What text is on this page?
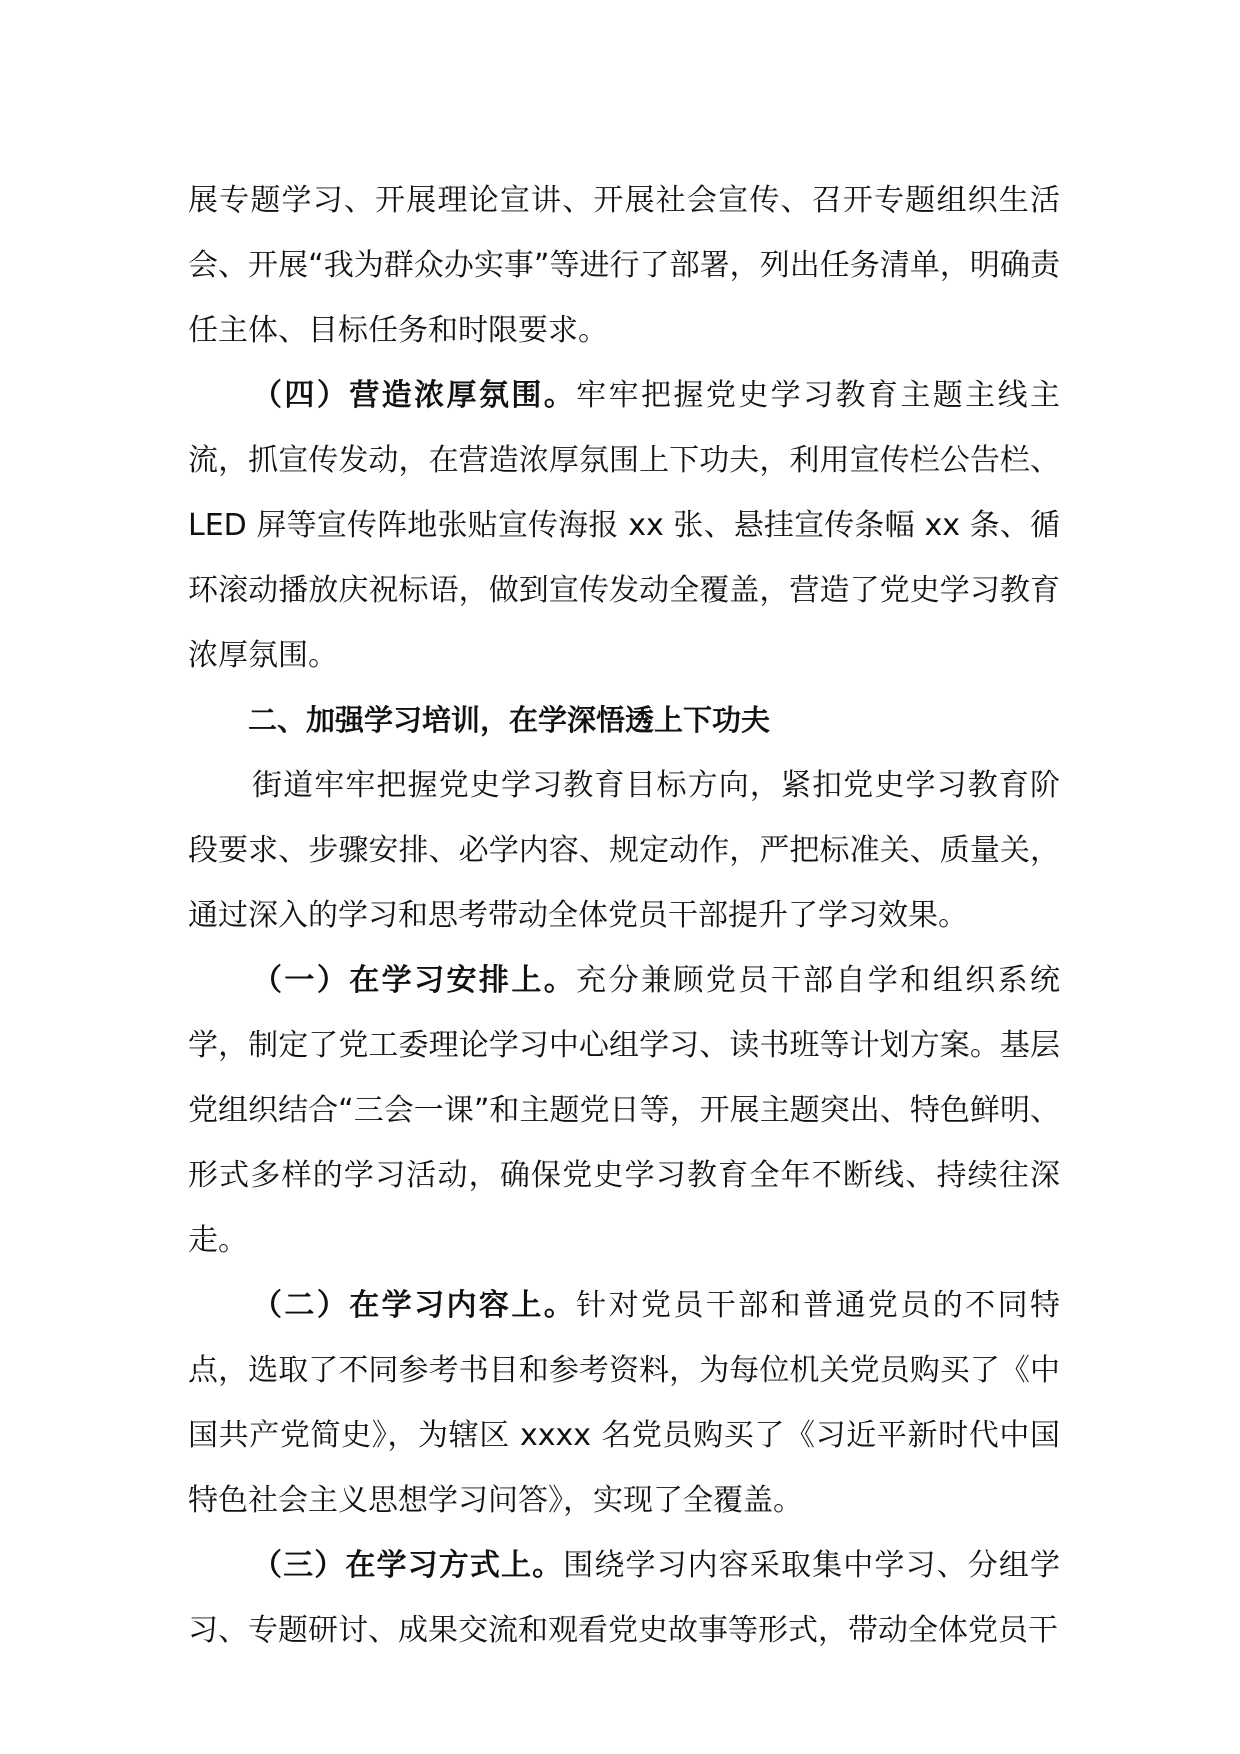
展专题学习、开展理论宣讲、开展社会宣传、召开专题组织生活会、开展“我为群众办实事”等进行了部署，列出任务清单，明确责任主体、目标任务和时限要求。

（四）营造浓厚氛围。牢牢把握党史学习教育主题主线主流，抓宣传发动，在营造浓厚氛围上下功夫，利用宣传栏公告栏、LED 屏等宣传阵地张贴宣传海报 xx 张、悬挂宣传条幅 xx 条、循环滚动播放庆祝标语，做到宣传发动全覆盖，营造了党史学习教育浓厚氛围。

二、加强学习培训，在学深悟透上下功夫

街道牢牢把握党史学习教育目标方向，紧扣党史学习教育阶段要求、步骤安排、必学内容、规定动作，严把标准关、质量关，通过深入的学习和思考带动全体党员干部提升了学习效果。

（一）在学习安排上。充分兼顾党员干部自学和组织系统学，制定了党工委理论学习中心组学习、读书班等计划方案。基层党组织结合“三会一课”和主题党日等，开展主题突出、特色鲜明、形式多样的学习活动，确保党史学习教育全年不断线、持续往深走。

（二）在学习内容上。针对党员干部和普通党员的不同特点，选取了不同参考书目和参考资料，为每位机关党员购买了《中国共产党简史》，为辖区 xxxx 名党员购买了《习近平新时代中国特色社会主义思想学习问答》，实现了全覆盖。

（三）在学习方式上。围绕学习内容采取集中学习、分组学习、专题研讨、成果交流和观看党史故事等形式，带动全体党员干
